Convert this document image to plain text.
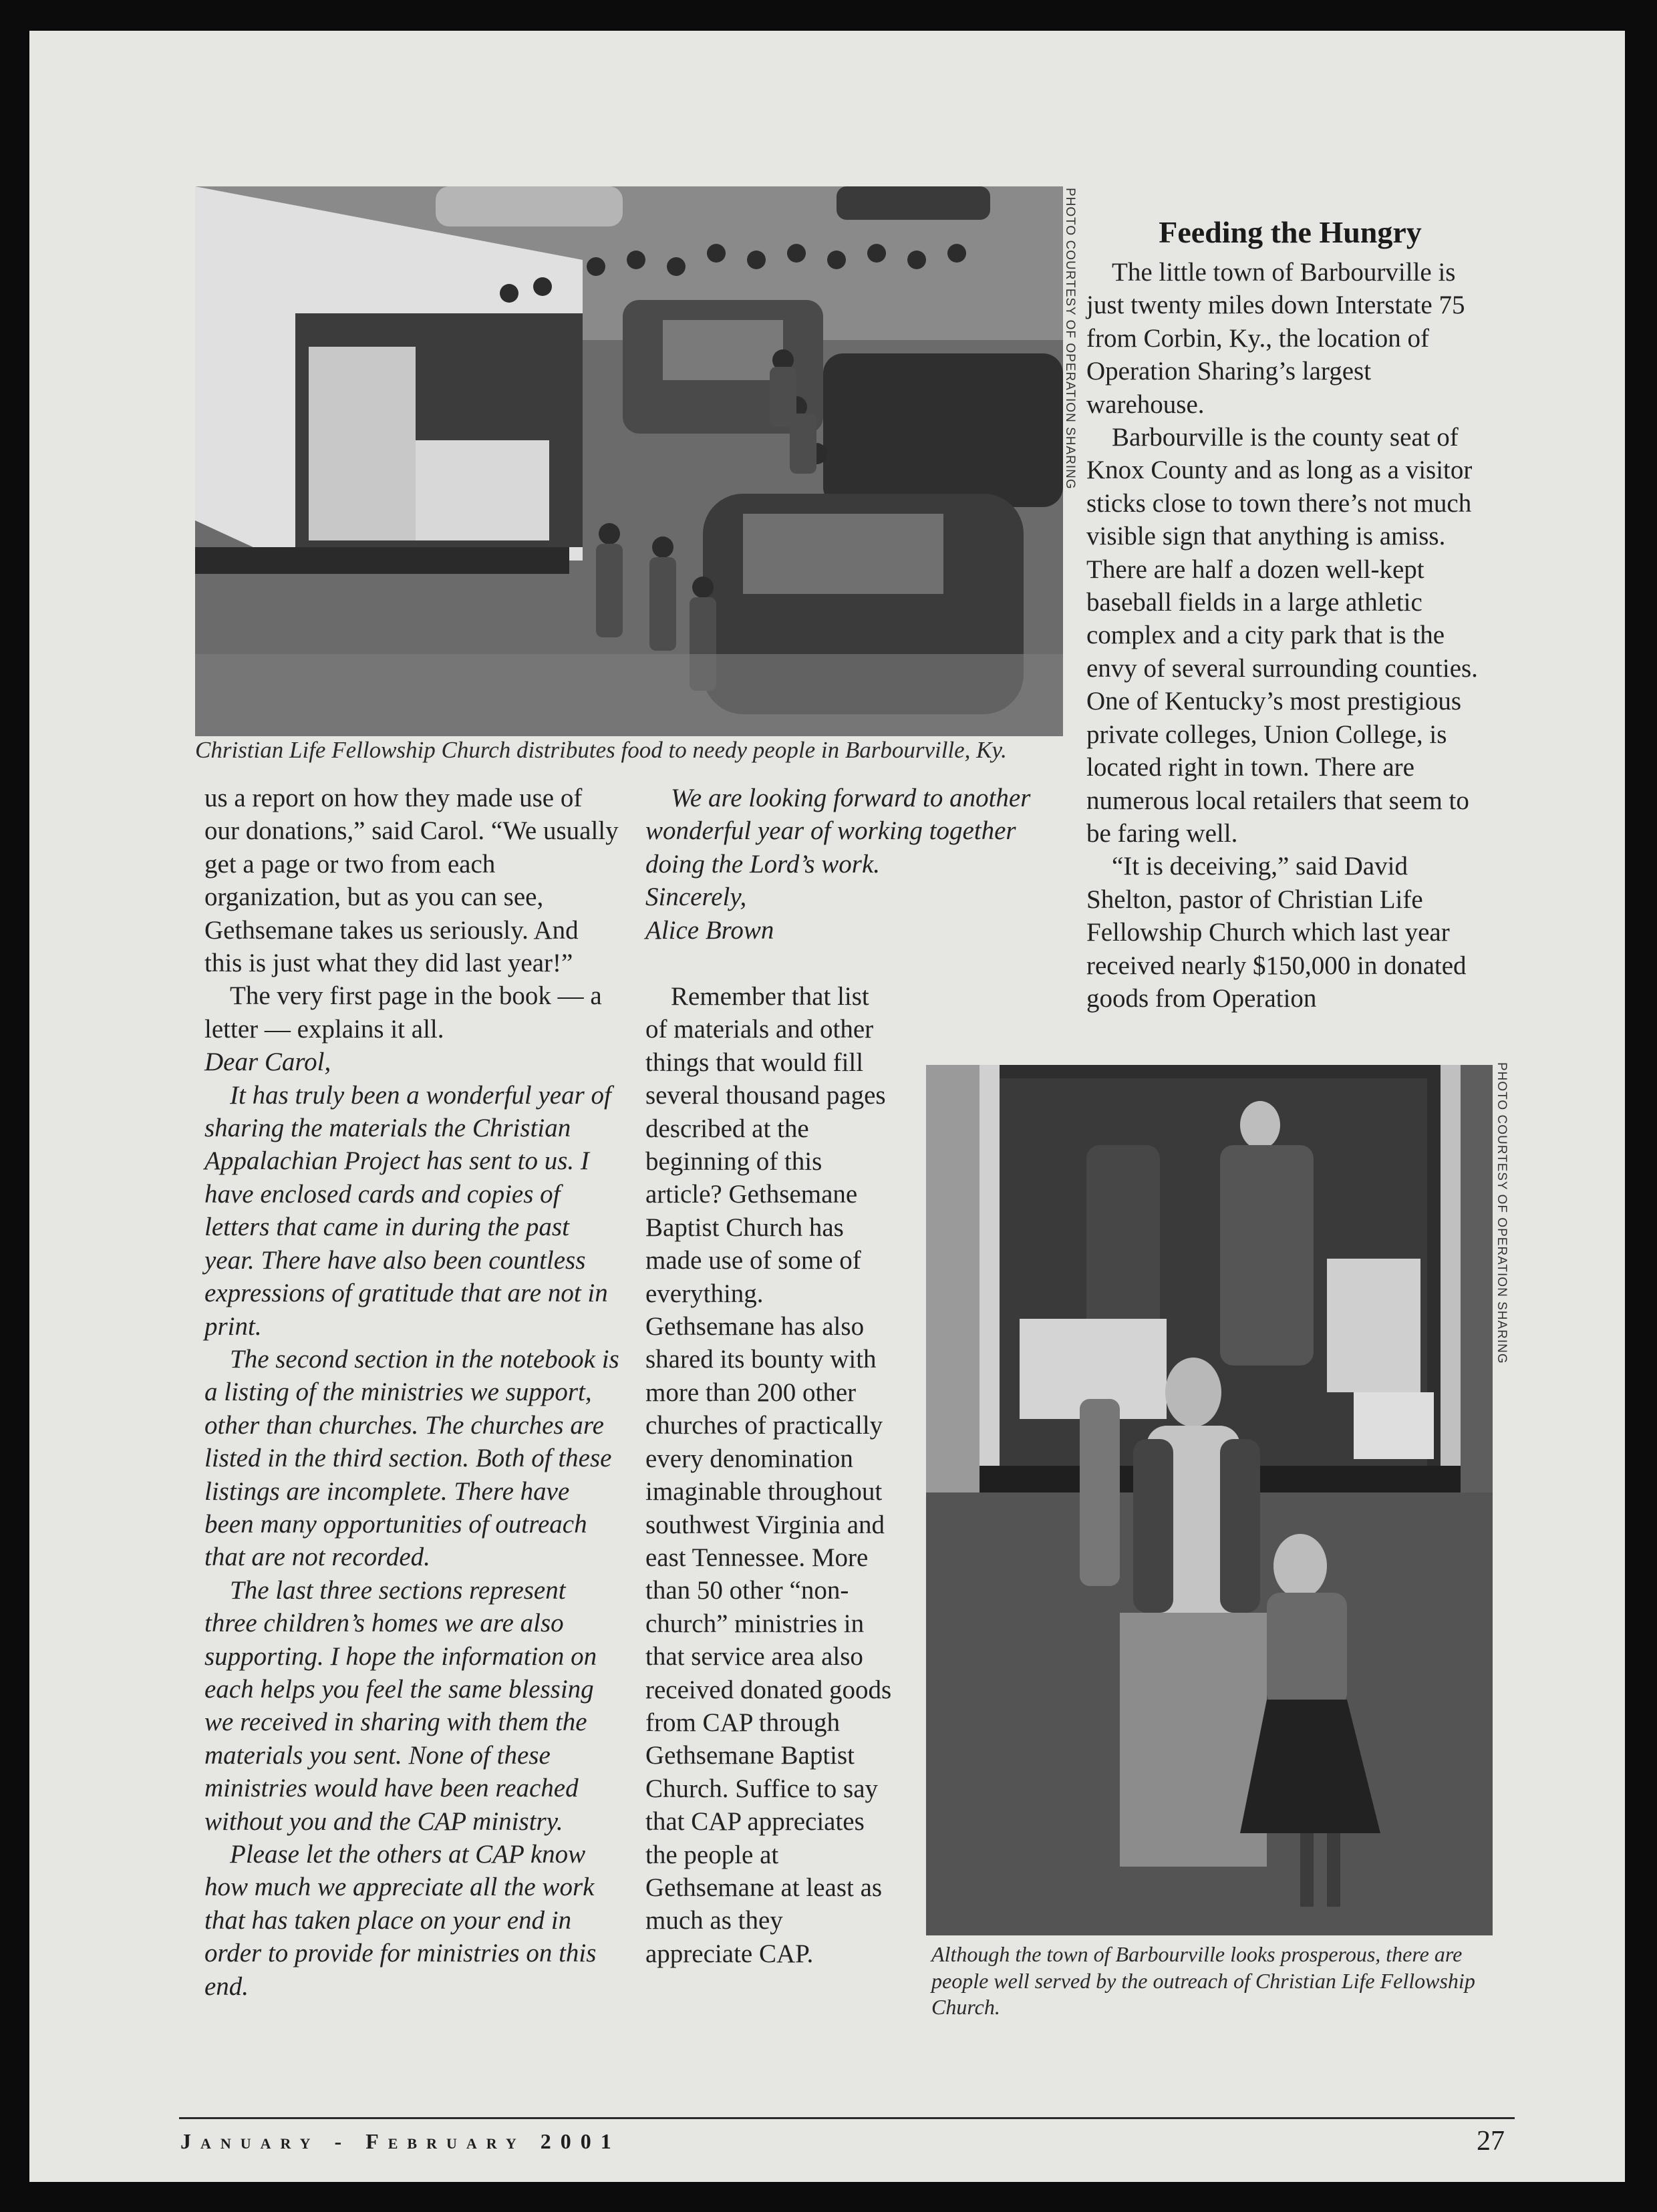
PHOTO COURTESY OF OPERATION SHARING
Christian Life Fellowship Church distributes food to needy people in Barbourville, Ky.
PHOTO COURTESY OF OPERATION SHARING
Although the town of Barbourville looks prosperous, there are people well served by the outreach of Christian Life Fellowship Church.

us a report on how they made use of our donations,” said Carol. “We usually get a page or two from each organization, but as you can see, Gethsemane takes us seriously. And this is just what they did last year!”

The very first page in the book — a letter — explains it all.

Dear Carol,

It has truly been a wonderful year of sharing the materials the Christian Appalachian Project has sent to us. I have enclosed cards and copies of letters that came in during the past year. There have also been countless expressions of gratitude that are not in print.

The second section in the notebook is a listing of the ministries we support, other than churches. The churches are listed in the third section. Both of these listings are incomplete. There have been many opportunities of outreach that are not recorded.

The last three sections represent three children’s homes we are also supporting. I hope the information on each helps you feel the same blessing we received in sharing with them the materials you sent. None of these ministries would have been reached without you and the CAP ministry.

Please let the others at CAP know how much we appreciate all the work that has taken place on your end in order to provide for ministries on this end.

We are looking forward to another wonderful year of working together doing the Lord’s work.

Sincerely,

Alice Brown

Remember that list of materials and other things that would fill several thousand pages described at the beginning of this article? Gethsemane Baptist Church has made use of some of everything. Gethsemane has also shared its bounty with more than 200 other churches of practically every denomination imaginable throughout southwest Virginia and east Tennessee. More than 50 other “non-church” ministries in that service area also received donated goods from CAP through Gethsemane Baptist Church. Suffice to say that CAP appreciates the people at Gethsemane at least as much as they appreciate CAP.

Feeding the Hungry

The little town of Barbourville is just twenty miles down Interstate 75 from Corbin, Ky., the location of Operation Sharing’s largest warehouse.

Barbourville is the county seat of Knox County and as long as a visitor sticks close to town there’s not much visible sign that anything is amiss. There are half a dozen well-kept baseball fields in a large athletic complex and a city park that is the envy of several surrounding counties. One of Kentucky’s most prestigious private colleges, Union College, is located right in town. There are numerous local retailers that seem to be faring well.

“It is deceiving,” said David Shelton, pastor of Christian Life Fellowship Church which last year received nearly $150,000 in donated goods from Operation

January - February 2001	27
